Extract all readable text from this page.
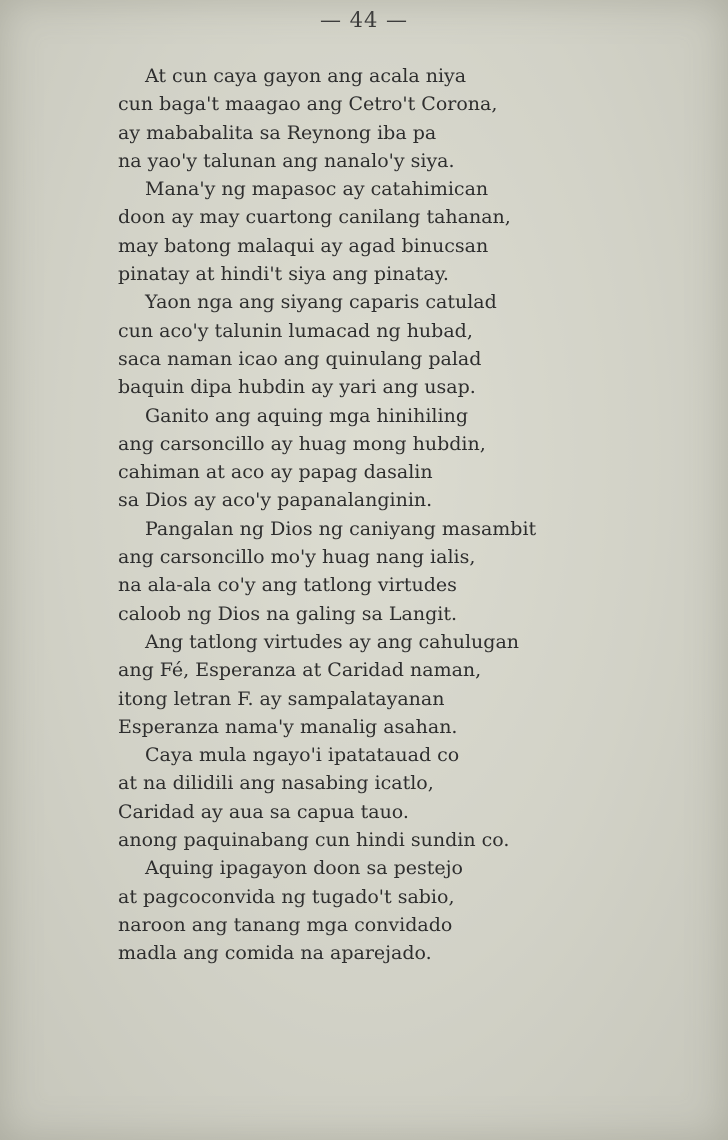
— 44 —
At cun caya gayon ang acala niya
cun baga't maagao ang Cetro't Corona,
ay mababalita sa Reynong iba pa
na yao'y talunan ang nanalo'y siya.
Mana'y ng mapasoc ay catahimican
doon ay may cuartong canilang tahanan,
may batong malaqui ay agad binucsan
pinatay at hindi't siya ang pinatay.
Yaon nga ang siyang caparis catulad
cun aco'y talunin lumacad ng hubad,
saca naman icao ang quinulang palad
baquin dipa hubdin ay yari ang usap.
Ganito ang aquing mga hinihiling
ang carsoncillo ay huag mong hubdin,
cahiman at aco ay papag dasalin
sa Dios ay aco'y papanalanginin.
Pangalan ng Dios ng caniyang masambit
ang carsoncillo mo'y huag nang ialis,
na ala-ala co'y ang tatlong virtudes
caloob ng Dios na galing sa Langit.
Ang tatlong virtudes ay ang cahulugan
ang Fé, Esperanza at Caridad naman,
itong letran F. ay sampalatayanan
Esperanza nama'y manalig asahan.
Caya mula ngayo'i ipatatauad co
at na dilidili ang nasabing icatlo,
Caridad ay aua sa capua tauo.
anong paquinabang cun hindi sundin co.
Aquing ipagayon doon sa pestejo
at pagcoconvida ng tugado't sabio,
naroon ang tanang mga convidado
madla ang comida na aparejado.
